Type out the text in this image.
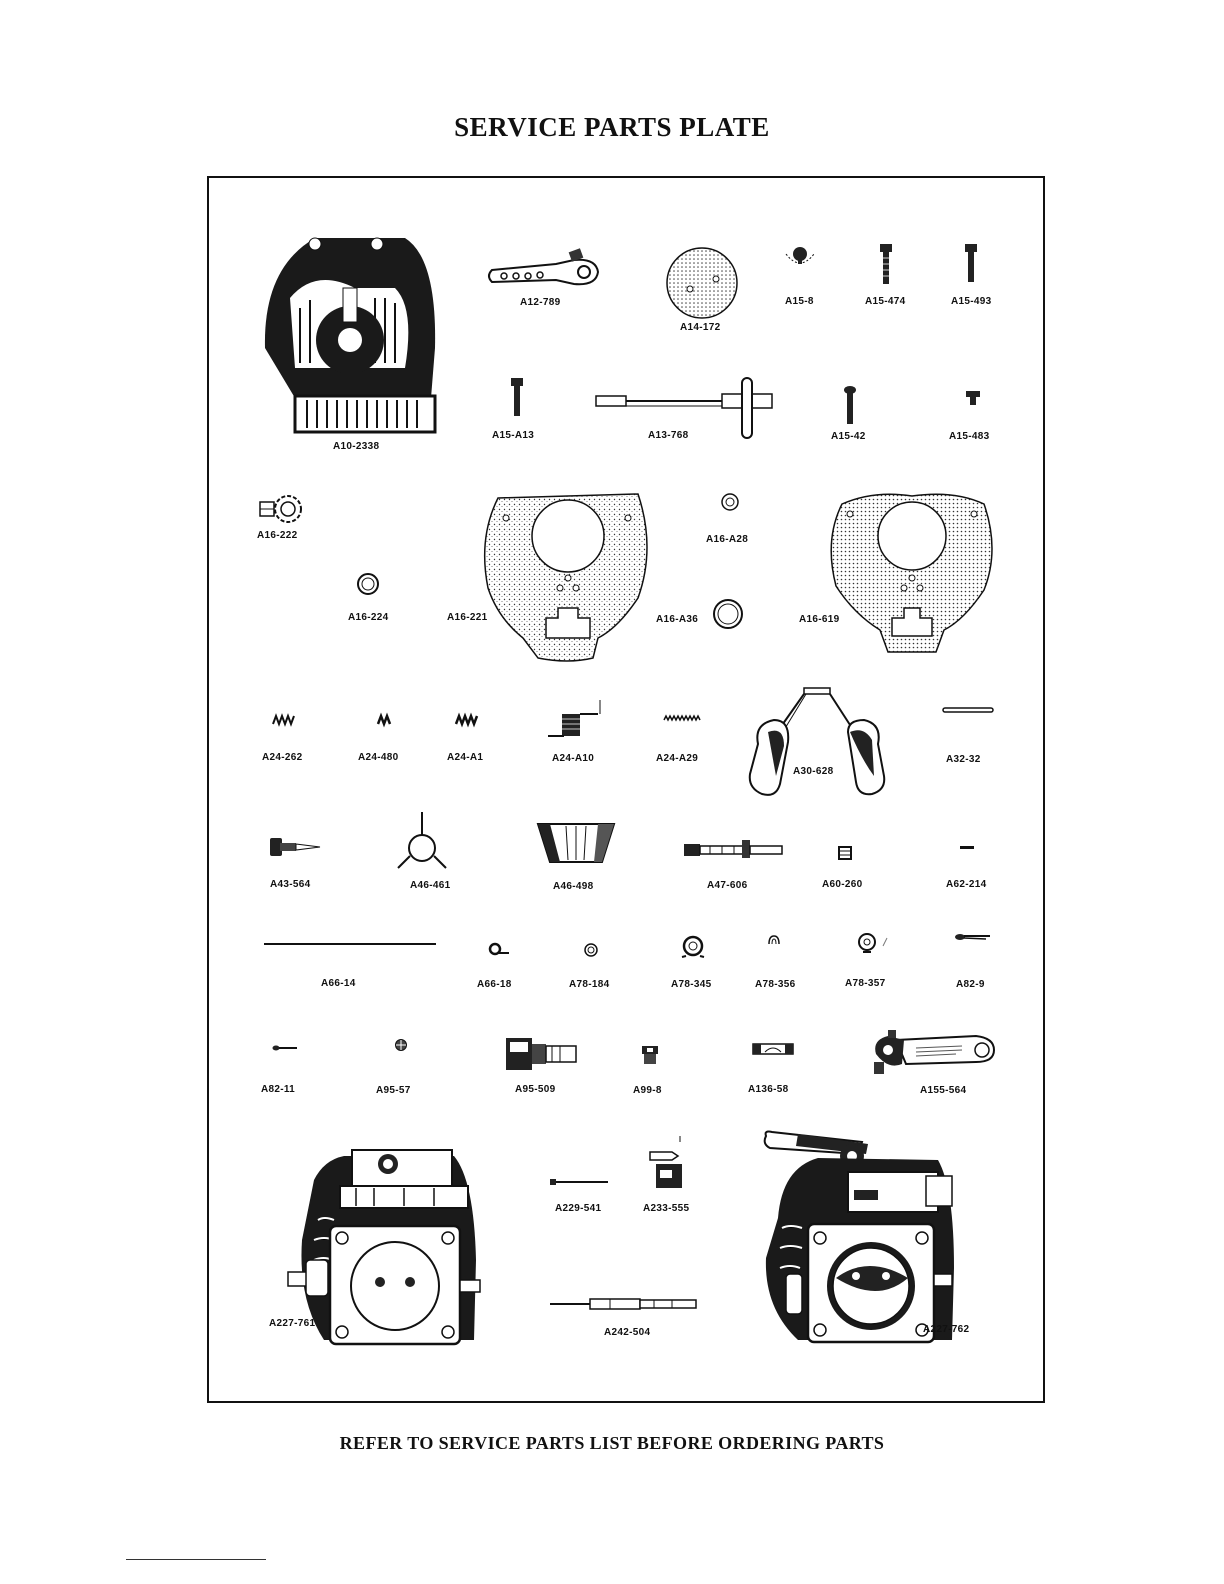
SERVICE PARTS PLATE
A10-2338
A12-789
A14-172
A15-8	A15-474	A15-493
A15-A13	A13-768	A15-42	A15-483
A16-222	A16-A28
A16-224	A16-221	A16-A36	A16-619
A24-262	A24-480	A24-A1	A24-A10	A24-A29
A30-628
A32-32
A43-564	A46-461	A46-498	A47-606	A60-260	A62-214
A66-14	A66-18	A78-184	A78-345	A78-356	A78-357	A82-9
A82-11	A95-57	A95-509	A99-8	A136-58	A155-564
A227-761
A229-541	A233-555
A242-504	A227-762
REFER TO SERVICE PARTS LIST BEFORE ORDERING PARTS
